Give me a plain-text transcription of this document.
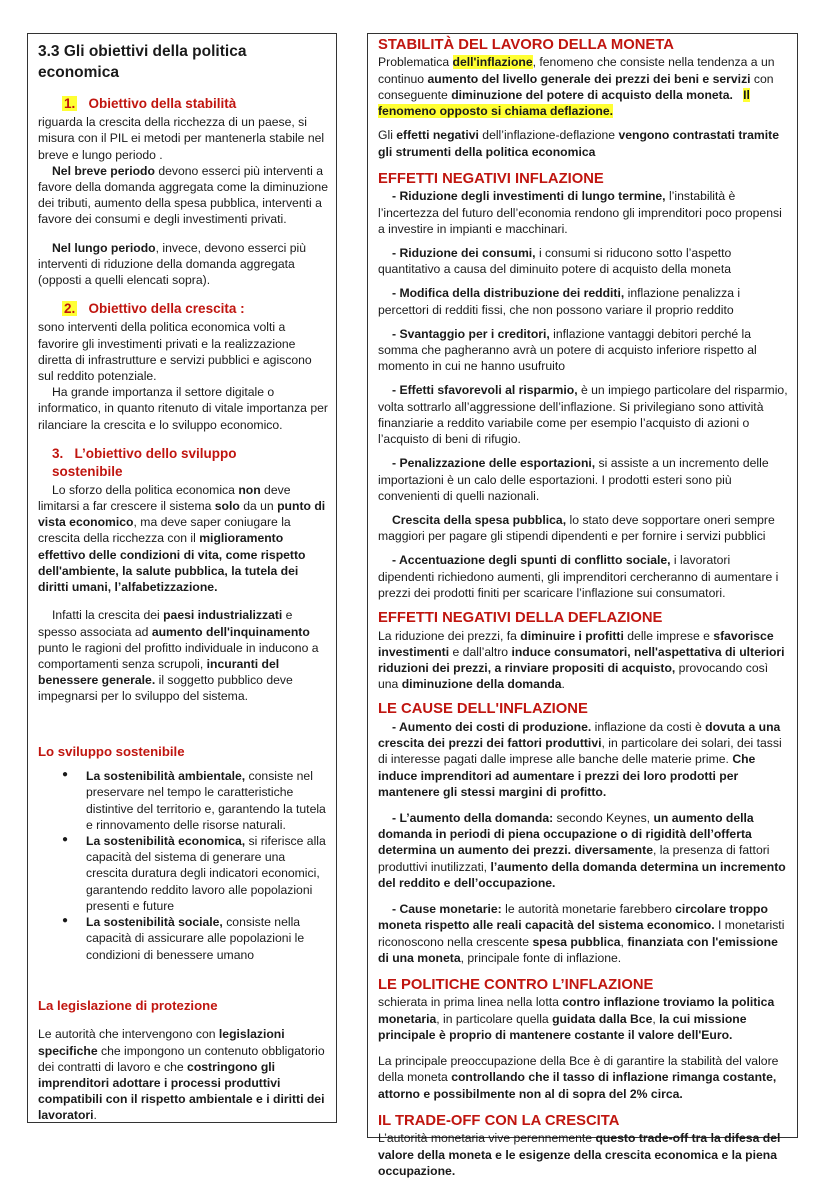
3.3 Gli obiettivi della politica economica
1. Obiettivo della stabilità

riguarda la crescita della ricchezza di un paese, si misura con il PIL ei metodi per mantenerla stabile nel breve e lungo periodo .

Nel breve periodo devono esserci più interventi a favore della domanda aggregata come la diminuzione dei tributi, aumento della spesa pubblica, interventi a favore dei consumi e degli investimenti privati.

Nel lungo periodo, invece, devono esserci più interventi di riduzione della domanda aggregata (opposti a quelli elencati sopra).

2. Obiettivo della crescita :

sono interventi della politica economica volti a favorire gli investimenti privati e la realizzazione diretta di infrastrutture e servizi pubblici e agiscono sul reddito potenziale.

Ha grande importanza il settore digitale o informatico, in quanto ritenuto di vitale importanza per rilanciare la crescita e lo sviluppo economico.

3. L’obiettivo dello sviluppo sostenibile

Lo sforzo della politica economica non deve limitarsi a far crescere il sistema solo da un punto di vista economico, ma deve saper coniugare la crescita della ricchezza con il miglioramento effettivo delle condizioni di vita, come rispetto dell'ambiente, la salute pubblica, la tutela dei diritti umani, l’alfabetizzazione.

Infatti la crescita dei paesi industrializzati e spesso associata ad aumento dell'inquinamento punto le ragioni del profitto individuale in inducono a comportamenti senza scrupoli, incuranti del benessere generale. il soggetto pubblico deve impegnarsi per lo sviluppo del sistema.

Lo sviluppo sostenibile
● La sostenibilità ambientale, consiste nel preservare nel tempo le caratteristiche distintive del territorio e, garantendo la tutela e rinnovamento delle risorse naturali.
● La sostenibilità economica, si riferisce alla capacità del sistema di generare una crescita duratura degli indicatori economici, garantendo reddito lavoro alle popolazioni presenti e future
● La sostenibilità sociale, consiste nella capacità di assicurare alle popolazioni le condizioni di benessere umano
La legislazione di protezione

Le autorità che intervengono con legislazioni specifiche che impongono un contenuto obbligatorio dei contratti di lavoro e che costringono gli imprenditori adottare i processi produttivi compatibili con il rispetto ambientale e i diritti dei lavoratori.

STABILITÀ DEL LAVORO DELLA MONETA

Problematica dell'inflazione, fenomeno che consiste nella tendenza a un continuo aumento del livello generale dei prezzi dei beni e servizi con conseguente diminuzione del potere di acquisto della moneta. Il fenomeno opposto si chiama deflazione.

Gli effetti negativi dell’inflazione-deflazione vengono contrastati tramite gli strumenti della politica economica

EFFETTI NEGATIVI INFLAZIONE

- Riduzione degli investimenti di lungo termine, l’instabilità è l’incertezza del futuro dell’economia rendono gli imprenditori poco propensi a investire in impianti e macchinari.

- Riduzione dei consumi, i consumi si riducono sotto l’aspetto quantitativo a causa del diminuito potere di acquisto della moneta

- Modifica della distribuzione dei redditi, inflazione penalizza i percettori di redditi fissi, che non possono variare il proprio reddito

- Svantaggio per i creditori, inflazione vantaggi debitori perché la somma che pagheranno avrà un potere di acquisto inferiore rispetto al momento in cui ne hanno usufruito

- Effetti sfavorevoli al risparmio, è un impiego particolare del risparmio, volta sottrarlo all’aggressione dell’inflazione. Si privilegiano sono attività finanziarie a reddito variabile come per esempio l’acquisto di azioni o l’acquisto di beni di rifugio.

- Penalizzazione delle esportazioni, si assiste a un incremento delle importazioni è un calo delle esportazioni. I prodotti esteri sono più convenienti di quelli nazionali.

Crescita della spesa pubblica, lo stato deve sopportare oneri sempre maggiori per pagare gli stipendi dipendenti e per fornire i servizi pubblici

- Accentuazione degli spunti di conflitto sociale, i lavoratori dipendenti richiedono aumenti, gli imprenditori cercheranno di aumentare i prezzi dei prodotti finiti per scaricare l’inflazione sui consumatori.

EFFETTI NEGATIVI DELLA DEFLAZIONE

La riduzione dei prezzi, fa diminuire i profitti delle imprese e sfavorisce investimenti e dall’altro induce consumatori, nell'aspettativa di ulteriori riduzioni dei prezzi, a rinviare propositi di acquisto, provocando così una diminuzione della domanda.

LE CAUSE DELL'INFLAZIONE

- Aumento dei costi di produzione. inflazione da costi è dovuta a una crescita dei prezzi dei fattori produttivi, in particolare dei solari, dei tassi di interesse pagati dalle imprese alle banche delle materie prime. Che induce imprenditori ad aumentare i prezzi dei loro prodotti per mantenere gli stessi margini di profitto.

- L’aumento della domanda: secondo Keynes, un aumento della domanda in periodi di piena occupazione o di rigidità dell’offerta determina un aumento dei prezzi. diversamente, la presenza di fattori produttivi inutilizzati, l’aumento della domanda determina un incremento del reddito e dell’occupazione.

- Cause monetarie: le autorità monetarie farebbero circolare troppo moneta rispetto alle reali capacità del sistema economico. I monetaristi riconoscono nella crescente spesa pubblica, finanziata con l'emissione di una moneta, principale fonte di inflazione.

LE POLITICHE CONTRO L’INFLAZIONE

schierata in prima linea nella lotta contro inflazione troviamo la politica monetaria, in particolare quella guidata dalla Bce, la cui missione principale è proprio di mantenere costante il valore dell'Euro.

La principale preoccupazione della Bce è di garantire la stabilità del valore della moneta controllando che il tasso di inflazione rimanga costante, attorno e possibilmente non al di sopra del 2% circa.

IL TRADE-OFF CON LA CRESCITA

L’autorità monetaria vive perennemente questo trade-off tra la difesa del valore della moneta e le esigenze della crescita economica e la piena occupazione.
